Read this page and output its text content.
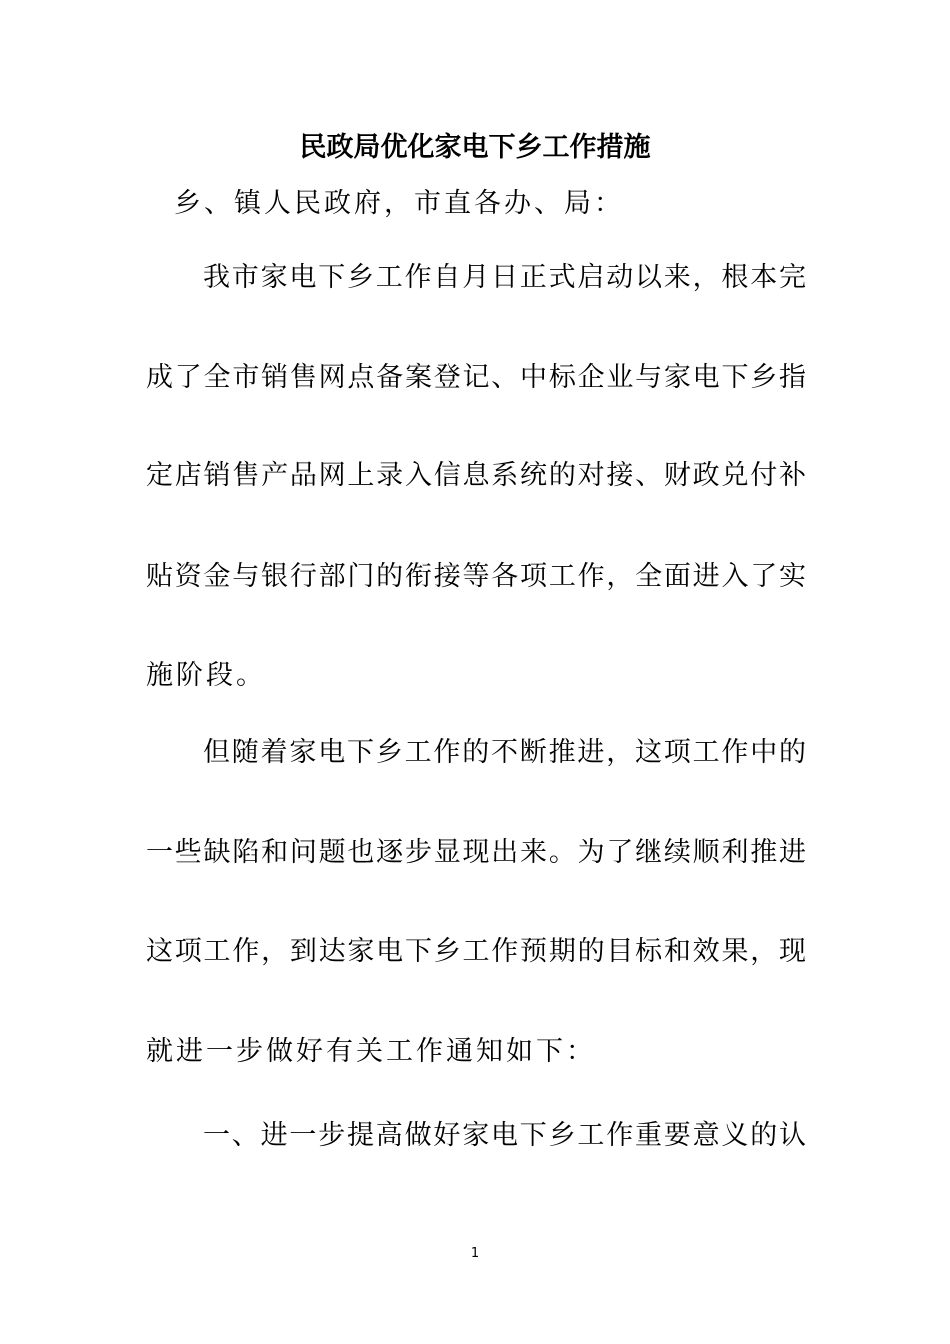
民政局优化家电下乡工作措施
乡、镇人民政府，市直各办、局：
我市家电下乡工作自月日正式启动以来，根本完
成了全市销售网点备案登记、中标企业与家电下乡指
定店销售产品网上录入信息系统的对接、财政兑付补
贴资金与银行部门的衔接等各项工作，全面进入了实
施阶段。
但随着家电下乡工作的不断推进，这项工作中的
一些缺陷和问题也逐步显现出来。为了继续顺利推进
这项工作，到达家电下乡工作预期的目标和效果，现
就进一步做好有关工作通知如下：
一、进一步提高做好家电下乡工作重要意义的认
1
